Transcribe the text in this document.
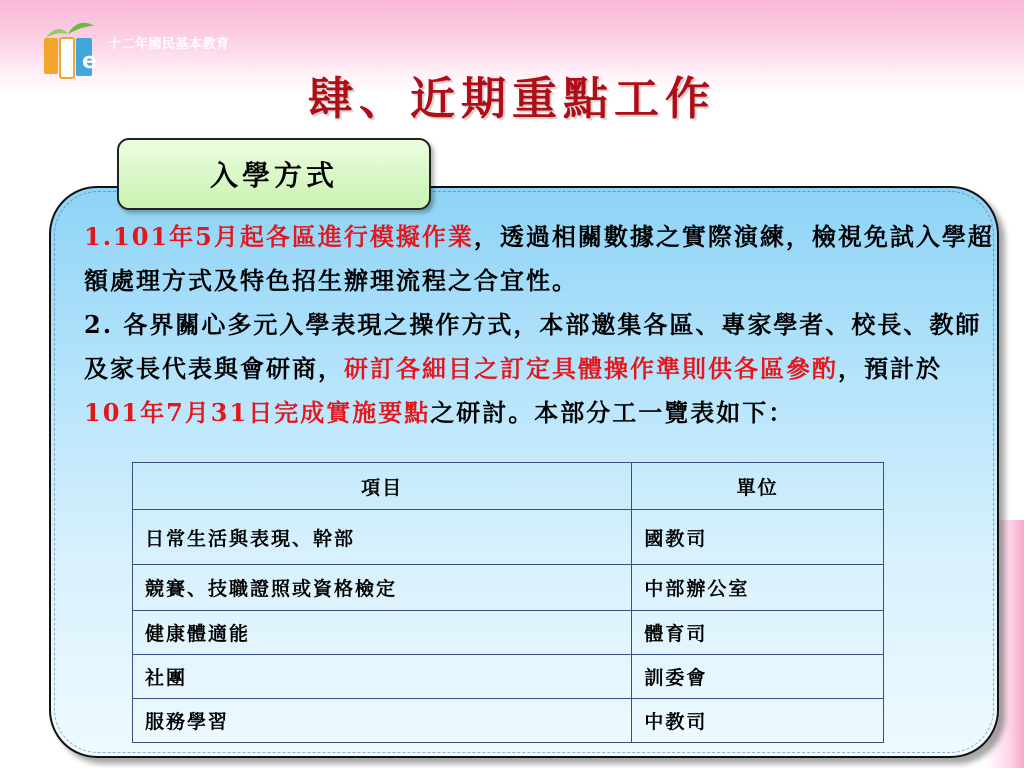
e
十二年國民基本教育
肆、近期重點工作
入學方式
1.101年5月起各區進行模擬作業，透過相關數據之實際演練，檢視免試入學超額處理方式及特色招生辦理流程之合宜性。
2. 各界關心多元入學表現之操作方式，本部邀集各區、專家學者、校長、教師及家長代表與會研商，研訂各細目之訂定具體操作準則供各區參酌，預計於101年7月31日完成實施要點之研討。本部分工一覽表如下：
項目	單位
日常生活與表現、幹部	國教司
競賽、技職證照或資格檢定	中部辦公室
健康體適能	體育司
社團	訓委會
服務學習	中教司
